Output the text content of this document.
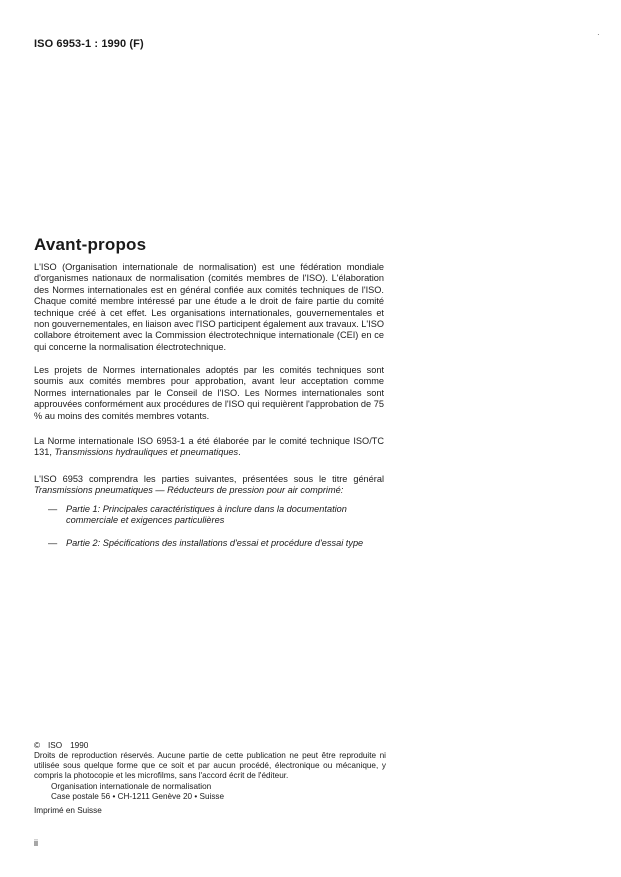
ISO 6953-1 : 1990 (F)
·
Avant-propos

L'ISO (Organisation internationale de normalisation) est une fédération mondiale d'organismes nationaux de normalisation (comités membres de l'ISO). L'élaboration des Normes internationales est en général confiée aux comités techniques de l'ISO. Chaque comité membre intéressé par une étude a le droit de faire partie du comité technique créé à cet effet. Les organisations internationales, gouvernementales et non gouvernementales, en liaison avec l'ISO participent également aux travaux. L'ISO collabore étroitement avec la Commission électrotechnique internationale (CEI) en ce qui concerne la normalisation électrotechnique.

Les projets de Normes internationales adoptés par les comités techniques sont soumis aux comités membres pour approbation, avant leur acceptation comme Normes internationales par le Conseil de l'ISO. Les Normes internationales sont approuvées conformément aux procédures de l'ISO qui requièrent l'approbation de 75 % au moins des comités membres votants.

La Norme internationale ISO 6953-1 a été élaborée par le comité technique ISO/TC 131, Transmissions hydrauliques et pneumatiques.

L'ISO 6953 comprendra les parties suivantes, présentées sous le titre général Transmissions pneumatiques — Réducteurs de pression pour air comprimé:

— Partie 1: Principales caractéristiques à inclure dans la documentation commerciale et exigences particulières
— Partie 2: Spécifications des installations d'essai et procédure d'essai type
© ISO 1990
Droits de reproduction réservés. Aucune partie de cette publication ne peut être reproduite ni utilisée sous quelque forme que ce soit et par aucun procédé, électronique ou mécanique, y compris la photocopie et les microfilms, sans l'accord écrit de l'éditeur.
Organisation internationale de normalisation
Case postale 56 • CH-1211 Genève 20 • Suisse
Imprimé en Suisse
ii
